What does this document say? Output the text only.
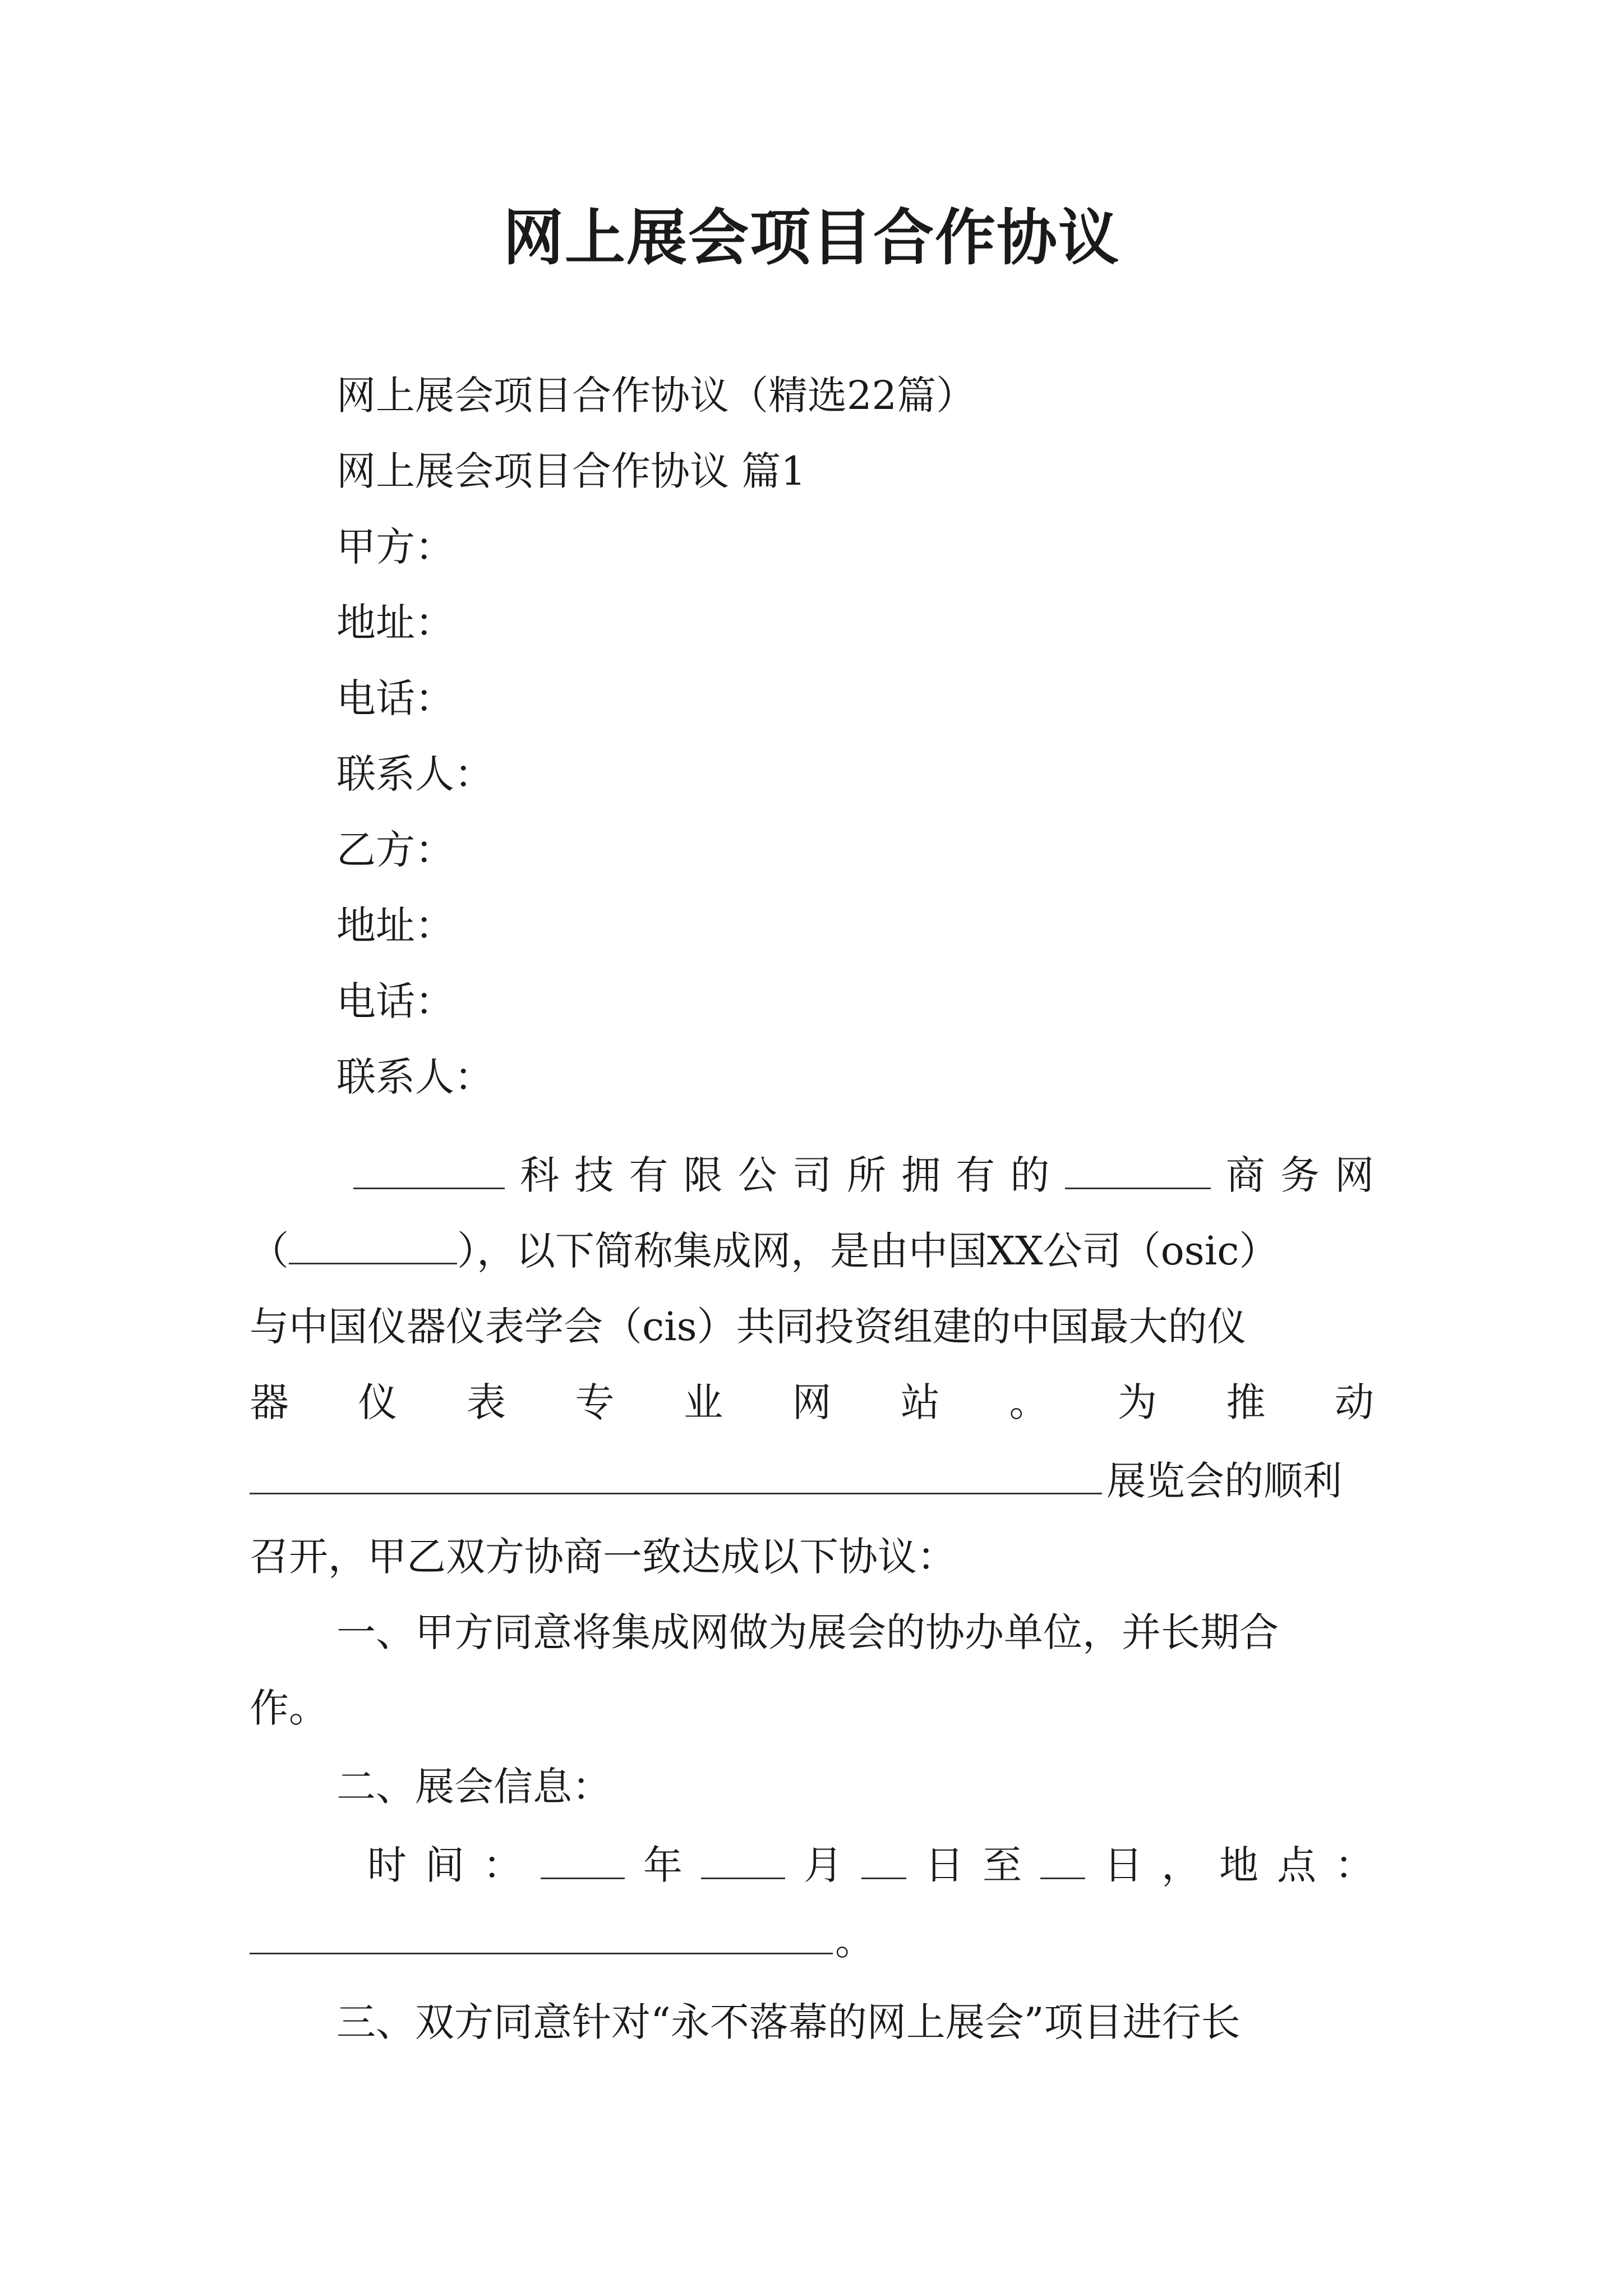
网上展会项目合作协议
网上展会项目合作协议（精选22篇）
网上展会项目合作协议 篇1
甲方：
地址：
电话：
联系人：
乙方：
地址：
电话：
联系人：
科 技 有 限 公 司 所 拥 有 的	商 务 网
（	），以下简称集成网，是由中国XX公司（osic）
与中国仪器仪表学会（cis）共同投资组建的中国最大的仪
器 仪 表 专 业 网 站 。 为 推 动
展览会的顺利
召开，甲乙双方协商一致达成以下协议：
一、甲方同意将集成网做为展会的协办单位，并长期合
作。
二、展会信息：
时 间 ：	年	月 日 至 日 ， 地 点 ：
。
三、双方同意针对“永不落幕的网上展会”项目进行长
